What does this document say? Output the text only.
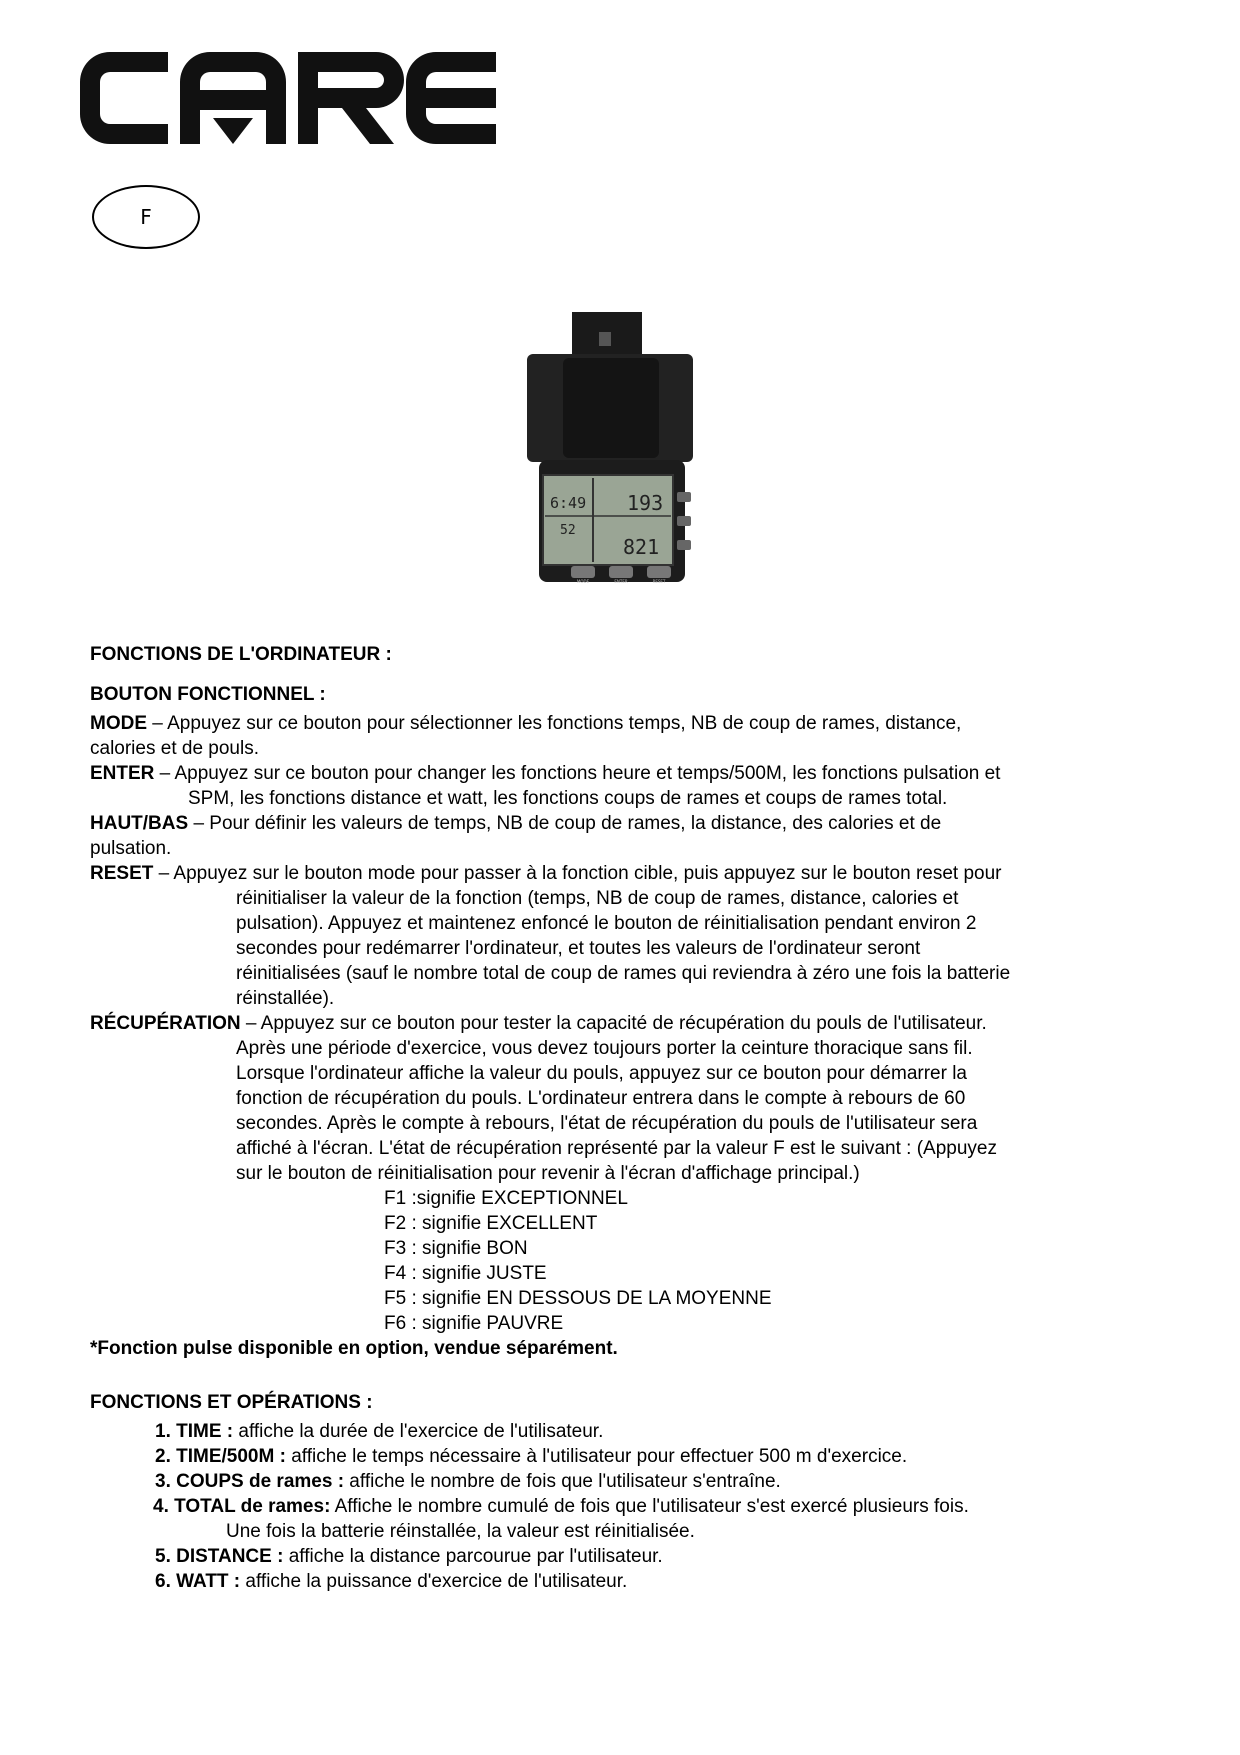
F
6:49 193
52
821
MODE	ENTER	RESET
FONCTIONS DE L'ORDINATEUR :
BOUTON FONCTIONNEL :
MODE – Appuyez sur ce bouton pour sélectionner les fonctions temps, NB de coup de rames, distance,
calories et de pouls.
ENTER – Appuyez sur ce bouton pour changer les fonctions heure et temps/500M, les fonctions pulsation et
SPM, les fonctions distance et watt, les fonctions coups de rames et coups de rames total.
HAUT/BAS – Pour définir les valeurs de temps, NB de coup de rames, la distance, des calories et de
pulsation.
RESET – Appuyez sur le bouton mode pour passer à la fonction cible, puis appuyez sur le bouton reset pour
réinitialiser la valeur de la fonction (temps, NB de coup de rames, distance, calories et
pulsation). Appuyez et maintenez enfoncé le bouton de réinitialisation pendant environ 2
secondes pour redémarrer l'ordinateur, et toutes les valeurs de l'ordinateur seront
réinitialisées (sauf le nombre total de coup de rames qui reviendra à zéro une fois la batterie
réinstallée).
RÉCUPÉRATION – Appuyez sur ce bouton pour tester la capacité de récupération du pouls de l'utilisateur.
Après une période d'exercice, vous devez toujours porter la ceinture thoracique sans fil.
Lorsque l'ordinateur affiche la valeur du pouls, appuyez sur ce bouton pour démarrer la
fonction de récupération du pouls. L'ordinateur entrera dans le compte à rebours de 60
secondes. Après le compte à rebours, l'état de récupération du pouls de l'utilisateur sera
affiché à l'écran. L'état de récupération représenté par la valeur F est le suivant : (Appuyez
sur le bouton de réinitialisation pour revenir à l'écran d'affichage principal.)
F1 :signifie EXCEPTIONNEL
F2 : signifie EXCELLENT
F3 : signifie BON
F4 : signifie JUSTE
F5 : signifie EN DESSOUS DE LA MOYENNE
F6 : signifie PAUVRE
*Fonction pulse disponible en option, vendue séparément.
FONCTIONS ET OPÉRATIONS :
1. TIME : affiche la durée de l'exercice de l'utilisateur.
2. TIME/500M : affiche le temps nécessaire à l'utilisateur pour effectuer 500 m d'exercice.
3. COUPS de rames : affiche le nombre de fois que l'utilisateur s'entraîne.
4. TOTAL de rames: Affiche le nombre cumulé de fois que l'utilisateur s'est exercé plusieurs fois.
Une fois la batterie réinstallée, la valeur est réinitialisée.
5. DISTANCE : affiche la distance parcourue par l'utilisateur.
6. WATT : affiche la puissance d'exercice de l'utilisateur.
